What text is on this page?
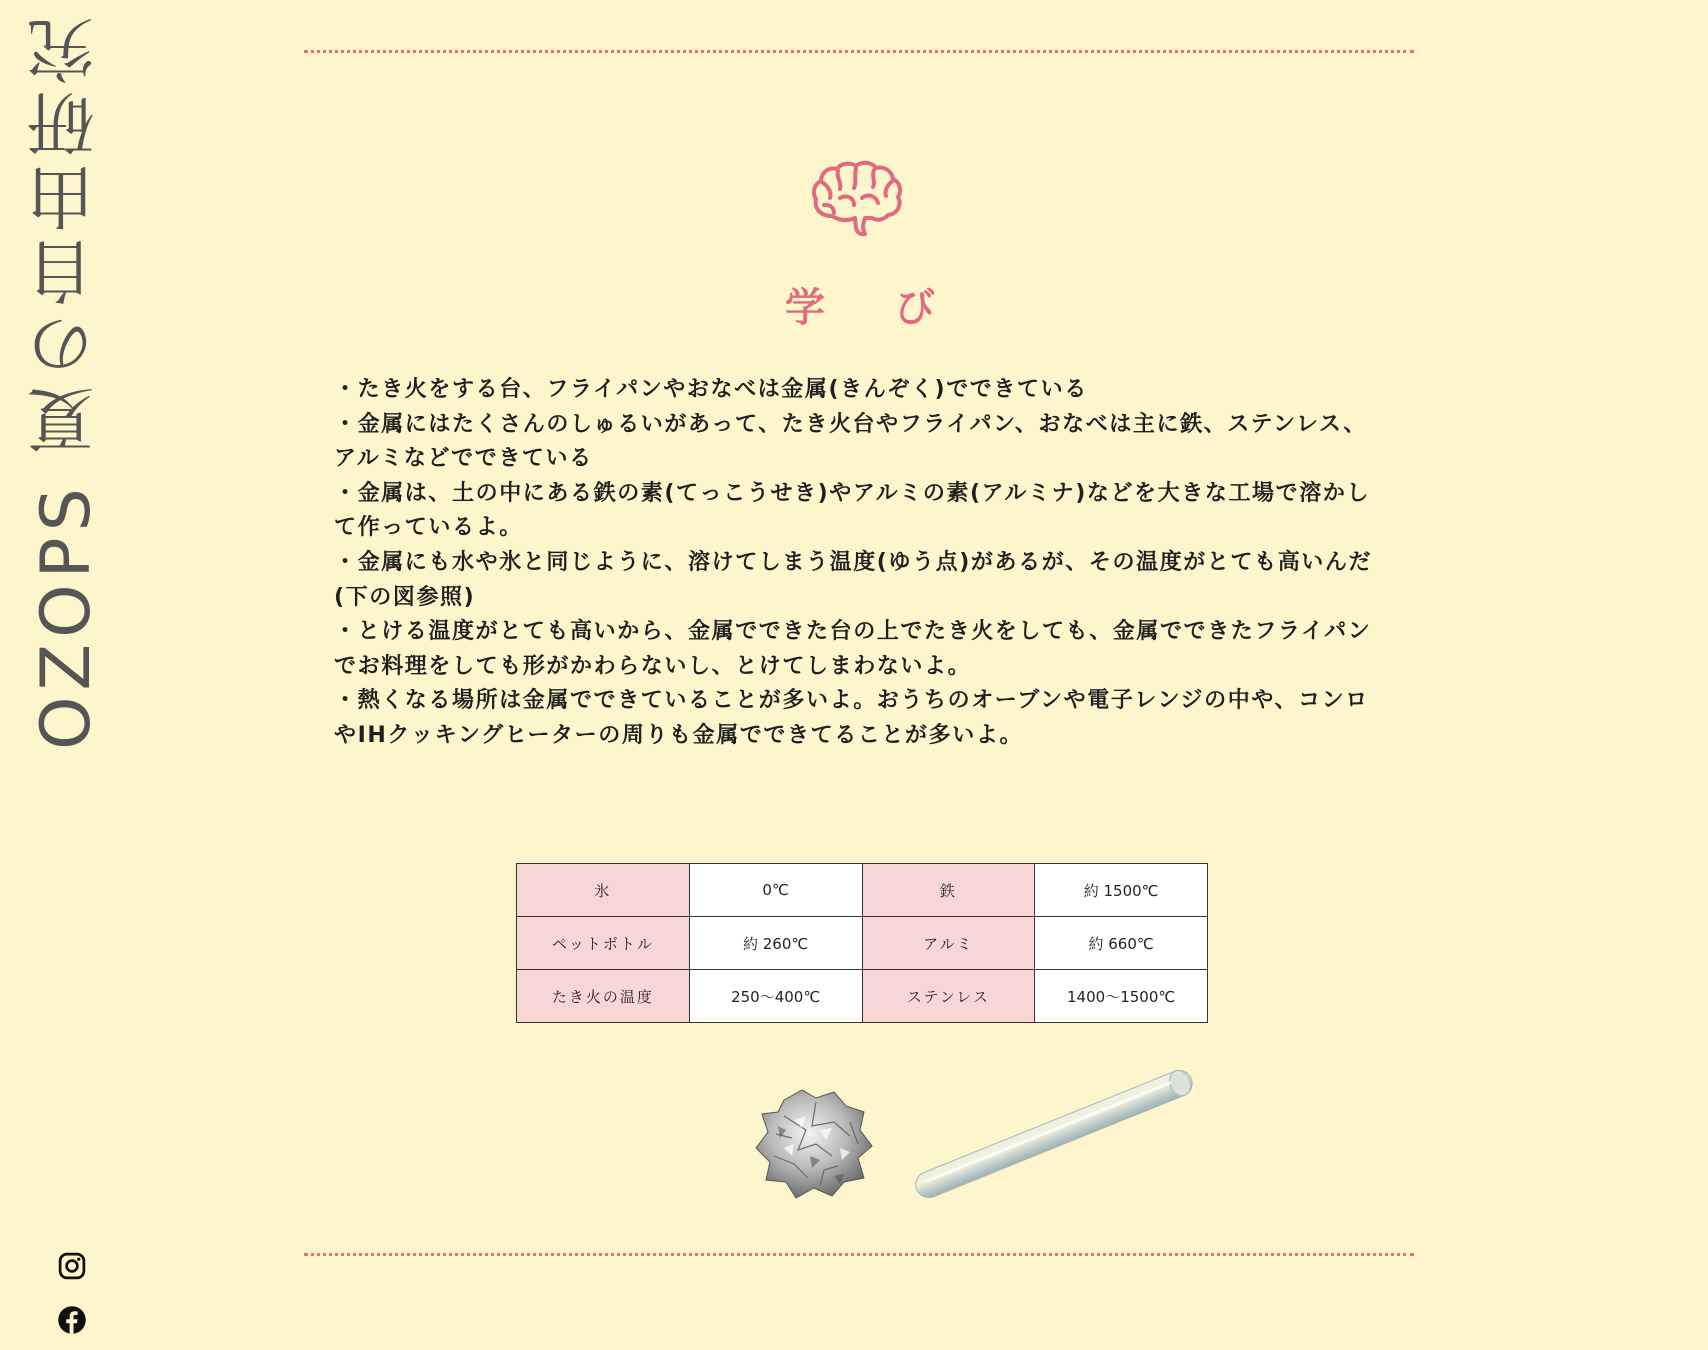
OZOPS 夏の自由研究	学 び

・たき火をする台、フライパンやおなべは金属(きんぞく)でできている

・金属にはたくさんのしゅるいがあって、たき火台やフライパン、おなべは主に鉄、ステンレス、アルミなどでできている

・金属は、土の中にある鉄の素(てっこうせき)やアルミの素(アルミナ)などを大きな工場で溶かして作っているよ。

・金属にも水や氷と同じように、溶けてしまう温度(ゆう点)があるが、その温度がとても高いんだ(下の図参照)

・とける温度がとても高いから、金属でできた台の上でたき火をしても、金属でできたフライパンでお料理をしても形がかわらないし、とけてしまわないよ。

・熱くなる場所は金属でできていることが多いよ。おうちのオーブンや電子レンジの中や、コンロやIHクッキングヒーターの周りも金属でできてることが多いよ。

氷	0℃	鉄	約 1500℃
ペットボトル	約 260℃	アルミ	約 660℃
たき火の温度	250〜400℃	ステンレス	1400〜1500℃
